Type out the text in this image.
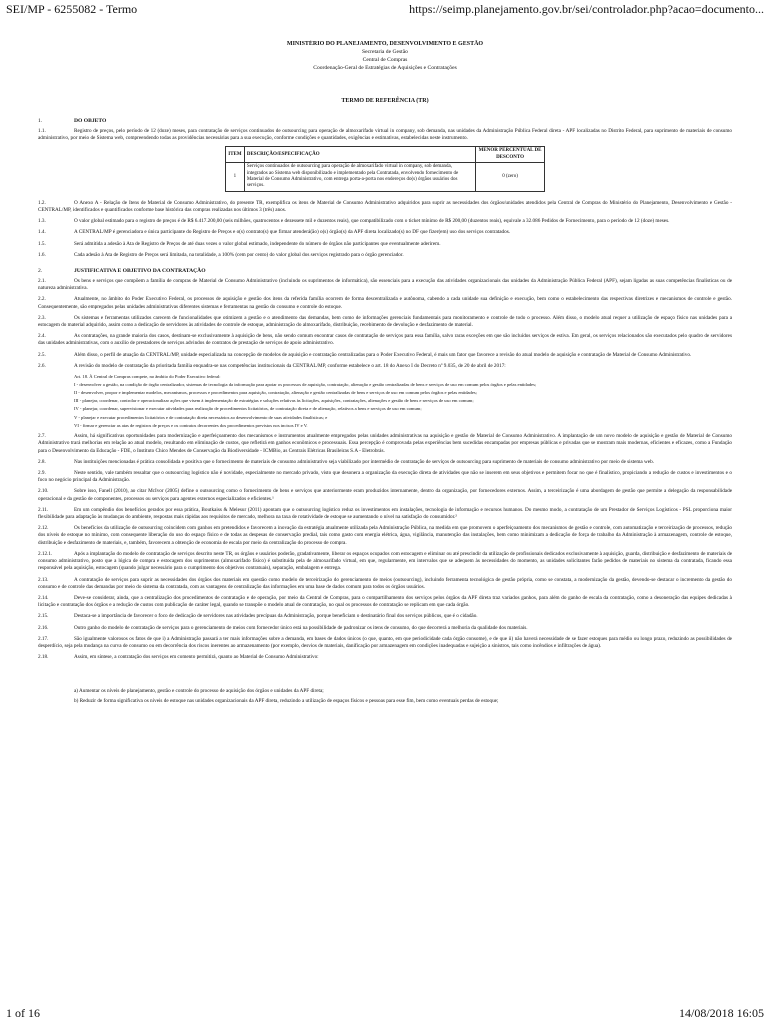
SEI/MP - 6255082 - Termo	https://seimp.planejamento.gov.br/sei/controlador.php?acao=documento...
MINISTÉRIO DO PLANEJAMENTO, DESENVOLVIMENTO E GESTÃO
Secretaria de Gestão
Central de Compras
Coordenação-Geral de Estratégias de Aquisições e Contratações
TERMO DE REFERÊNCIA (TR)
1.	DO OBJETO
1.1.	Registro de preços, pelo período de 12 (doze) meses, para contratação de serviços continuados de outsourcing para operação de almoxarifado virtual in company, sob demanda, nas unidades da Administração Pública Federal direta - APF localizadas no Distrito Federal, para suprimento de materiais de consumo administrativo, por meio de Sistema web, compreendendo todas as providências necessárias para a sua execução, conforme condições e quantidades, exigências e estimativas, estabelecidas neste instrumento.
ITEM	DESCRIÇÃO/ESPECIFICAÇÃO	MENOR PERCENTUAL DE DESCONTO
1	Serviços continuados de outsourcing para operação de almoxarifado virtual in company, sob demanda, integrados ao Sistema web disponibilizado e implementado pela Contratada, envolvendo fornecimento de Material de Consumo Administrativo, com entrega porta-a-porta nos endereços do(s) órgãos usuários dos serviços.	0 (zero)
1.2.	O Anexo A - Relação de Itens de Material de Consumo Administrativo, do presente TR, exemplifica os itens de Material de Consumo Administrativo adquiridos para suprir as necessidades dos órgãos/unidades atendidos pela Central de Compras do Ministério do Planejamento, Desenvolvimento e Gestão - CENTRAL/MP, identificados e quantificados conforme base histórica das compras realizadas nos últimos 3 (três) anos.
1.3.	O valor global estimado para o registro de preços é de R$ 6.417.200,00 (seis milhões, quatrocentos e dezessete mil e duzentos reais), que compatibilizado com o ticket mínimo de R$ 200,00 (duzentos reais), equivale a 32.086 Pedidos de Fornecimento, para o período de 12 (doze) meses.
1.4.	A CENTRAL/MP é gerenciadora e única participante do Registro de Preços e o(s) contrato(s) que firmar atenderá(ão) o(s) órgão(s) da APF direta localizado(s) no DF que fizer(em) uso dos serviços contratados.
1.5.	Será admitida a adesão à Ata de Registro de Preços de até duas vezes o valor global estimado, independente do número de órgãos não participantes que eventualmente aderirem.
1.6.	Cada adesão à Ata de Registro de Preços será limitada, na totalidade, a 100% (cem por cento) do valor global dos serviços registrado para o órgão gerenciador.
2.	JUSTIFICATIVA E OBJETIVO DA CONTRATAÇÃO
2.1.	Os bens e serviços que compõem a família de compras de Material de Consumo Administrativo (incluindo os suprimentos de informática), são essenciais para a execução das atividades organizacionais das unidades da Administração Pública Federal (APF), sejam ligadas as suas competências finalísticas ou de natureza administrativa.
2.2.	Atualmente, no âmbito do Poder Executivo Federal, os processos de aquisição e gestão dos itens da referida família ocorrem de forma descentralizada e autônoma, cabendo a cada unidade sua definição e execução, bem como o estabelecimento das respectivas diretrizes e mecanismos de controle e gestão. Consequentemente, são empregados pelas unidades administrativas diferentes sistemas e ferramentas na gestão do consumo e controle do estoque.
2.3.	Os sistemas e ferramentas utilizados carecem de funcionalidades que otimizem a gestão e o atendimento das demandas, bem como de informações gerenciais fundamentais para monitoramento e controle de todo o processo. Além disso, o modelo atual requer a utilização de espaço físico nas unidades para a estocagem do material adquirido, assim como a dedicação de servidores às atividades de controle de estoque, administração do almoxarifado, distribuição, recebimento de devolução e desfazimento de material.
2.4.	As contratações, na grande maioria dos casos, destinam-se exclusivamente à aquisição de bens, não sendo comum encontrar casos de contratação de serviços para essa família, salvo raras exceções em que são incluídos serviços de estiva. Em geral, os serviços relacionados são executados pelo quadro de servidores das unidades administrativas, com o auxílio de prestadores de serviços advindos de contratos de prestação de serviços de apoio administrativo.
2.5.	Além disso, o perfil de atuação da CENTRAL/MP, unidade especializada na concepção de modelos de aquisição e contratação centralizadas para o Poder Executivo Federal, é mais um fator que favorece a revisão do atual modelo de aquisição e contratação de Material de Consumo Administrativo.
2.6.	A revisão do modelo de contratação da prioritada família enquadra-se nas competências institucionais da CENTRAL/MP, conforme estabelece o art. 18 do Anexo I do Decreto nº 9.035, de 20 de abril de 2017:
Art. 18. À Central de Compras compete, no âmbito do Poder Executivo federal:
I - desenvolver a gestão, na condição de órgão centralizador, sistemas de tecnologia da informação para apoiar os processos de aquisição, contratação, alienação e gestão centralizadas de bens e serviços de uso em comum pelos órgãos e pelas entidades;
II - desenvolver, propor e implementar modelos, mecanismos, processos e procedimentos para aquisição, contratação, alienação e gestão centralizadas de bens e serviços de uso em comum pelos órgãos e pelas entidades;
III - planejar, coordenar, controlar e operacionalizar ações que visem à implementação de estratégias e soluções relativas às licitações, aquisições, contratações, alienações e gestão de bens e serviços de uso em comum;
IV - planejar, coordenar, supervisionar e executar atividades para realização de procedimentos licitatórios, de contratação direta e de alienação, relativos a bens e serviços de uso em comum;
V - planejar e executar procedimentos licitatórios e de contratação direta necessários ao desenvolvimento de suas atividades finalísticas; e
VI - firmar e gerenciar as atas de registros de preços e os contratos decorrentes dos procedimentos previstos nos incisos IV e V.
2.7.	Assim, há significativas oportunidades para modernização e aperfeiçoamento dos mecanismos e instrumentos atualmente empregados pelas unidades administrativas na aquisição e gestão de Material de Consumo Administrativo. A implantação de um novo modelo de aquisição e gestão de Material de Consumo Administrativo trará melhorias em relação ao atual modelo, resultando em eliminação de custos, que refletirá em ganhos econômicos e processuais. Essa percepção é comprovada pelas experiências bem sucedidas encampadas por empresas públicas e privadas que se mostram mais modernas, eficientes e eficazes, como a Fundação para o Desenvolvimento da Educação - FDE, o Instituto Chico Mendes de Conservação da Biodiversidade - ICMBio, as Centrais Elétricas Brasileiras S.A - Eletrobrás.
2.8.	Nas instituições mencionadas é prática consolidada e positiva que o fornecimento de materiais de consumo administrativo seja viabilizado por intermédio de contratação de serviços de outsourcing para suprimento de materiais de consumo administrativo por meio de sistema web.
2.9.	Neste sentido, vale também ressaltar que o outsourcing logístico não é novidade, especialmente no mercado privado, visto que desonera a organização da execução direta de atividades que não se inserem em seus objetivos e permitem focar no que é finalístico, propiciando a redução de custos e investimentos e o foco no negócio principal da Administração.
2.10.	Sobre isso, Fanell (2010), ao citar McIvor (2005) define o outsourcing como o fornecimento de bens e serviços que anteriormente eram produzidos internamente, dentro da organização, por fornecedores externos. Assim, a terceirização é uma abordagem de gestão que permite a delegação da responsabilidade operacional e da gestão de componentes, processos ou serviços para agentes externos especializados e eficientes.¹
2.11.	Em um compêndio dos benefícios gerados por essa prática, Boutkaiss & Melesur (2011) apontam que o outsourcing logístico reduz os investimentos em instalações, tecnologia de informação e recursos humanos. Do mesmo modo, a contratação de um Prestador de Serviços Logísticos - PSL proporciona maior flexibilidade para adaptação às mudanças do ambiente, respostas mais rápidas aos requisitos de mercado, melhora na taxa de rotatividade de estoque se aumentando o nível na satisfação do consumidor.²
2.12.	Os benefícios da utilização de outsourcing coincidem com ganhos em pretendidos e favorecem a inovação da estratégia atualmente utilizada pela Administração Pública, na medida em que promovem o aperfeiçoamento dos mecanismos de gestão e controle, com automatização e terceirização de processos, redução dos níveis de estoque no mínimo, com consequente liberação do uso do espaço físico e de todas as despesas de conservação predial, tais como gasto com energia elétrica, água, vigilância, manutenção das instalações, bem como minimizam a dedicação de força de trabalho da Administração à armazenagem, controle de estoque, distribuição e desfazimento de materiais, e, também, favorecem a obtenção de economia de escala por meio da centralização do processo de compra.
2.12.1.	Após a implantação do modelo de contratação de serviços descrito neste TR, os órgãos e usuários poderão, gradativamente, liberar os espaços ocupados com estocagem e eliminar ou até prescindir da utilização de profissionais dedicados exclusivamente à aquisição, guarda, distribuição e desfazimento de materiais de consumo administrativo, posto que a lógica de compra e estocagem dos suprimentos (almoxarifado físico) é substituída pela de almoxarifado virtual, em que, regularmente, em intervalos que se adequem às necessidades do momento, as unidades solicitantes farão pedidos de materiais no sistema da contratada, ficando essa responsável pela aquisição, estocagem (quando julgar necessário para o cumprimento dos objetivos contratuais), separação, embalagem e entrega.
2.13.	A contratação de serviços para suprir as necessidades dos órgãos dos materiais em questão como modelo de terceirização do gerenciamento de meios (outsourcing), incluindo ferramenta tecnológica de gestão própria, como se constata, a modernização da gestão, devendo-se destacar o incremento da gestão do consumo e de controle das demandas por meio do sistema da contratada, com as vantagens de centralização das informações em uma base de dados comum para todos os órgãos usuários.
2.14.	Deve-se considerar, ainda, que a centralização dos procedimentos de contratação e de operação, por meio da Central de Compras, para o compartilhamento dos serviços pelos órgãos da APF direta traz variados ganhos, para além do ganho de escala da contratação, como a desoneração das equipes dedicadas à licitação e contratação dos órgãos e a redução de custos com publicação de caráter legal, quando se transpõe o modelo atual de contratação, no qual os processos de contratação se replicam em que cada órgão.
2.15.	Destaca-se a importância de favorecer o foco de dedicação de servidores nas atividades precípuas da Administração, porque beneficiam o destinatário final dos serviços públicos, que é o cidadão.
2.16.	Outro ganho do modelo de contratação de serviços para o gerenciamento de meios com fornecedor único está na possibilidade de padronizar os itens de consumo, do que decorrerá a melhoria da qualidade dos materiais.
2.17.	São igualmente valorosos os fatos de que i) a Administração passará a ter mais informações sobre a demanda, em bases de dados únicos (o que, quanto, em que periodicidade cada órgão consome), e de que ii) não haverá necessidade de se fazer estoques para médio ou longo prazo, reduzindo as possibilidades de desperdício, seja pela mudança na curva de consumo ou em decorrência dos riscos inerentes ao armazenamento (por exemplo, desvios de materiais, danificação por armazenagem em condições inadequadas e sujeição a sinistros, tais como incêndios e infiltrações de água).
2.18.	Assim, em síntese, a contratação dos serviços em comento permitirá, quanto ao Material de Consumo Administrativo:
a) Aumentar os níveis de planejamento, gestão e controle do processo de aquisição dos órgãos e unidades da APF direta;
b) Reduzir de forma significativa os níveis de estoque nas unidades organizacionais da APF direta, reduzindo a utilização de espaços físicos e pessoas para esse fim, bem como eventuais perdas de estoque;
1 of 16	14/08/2018 16:05
